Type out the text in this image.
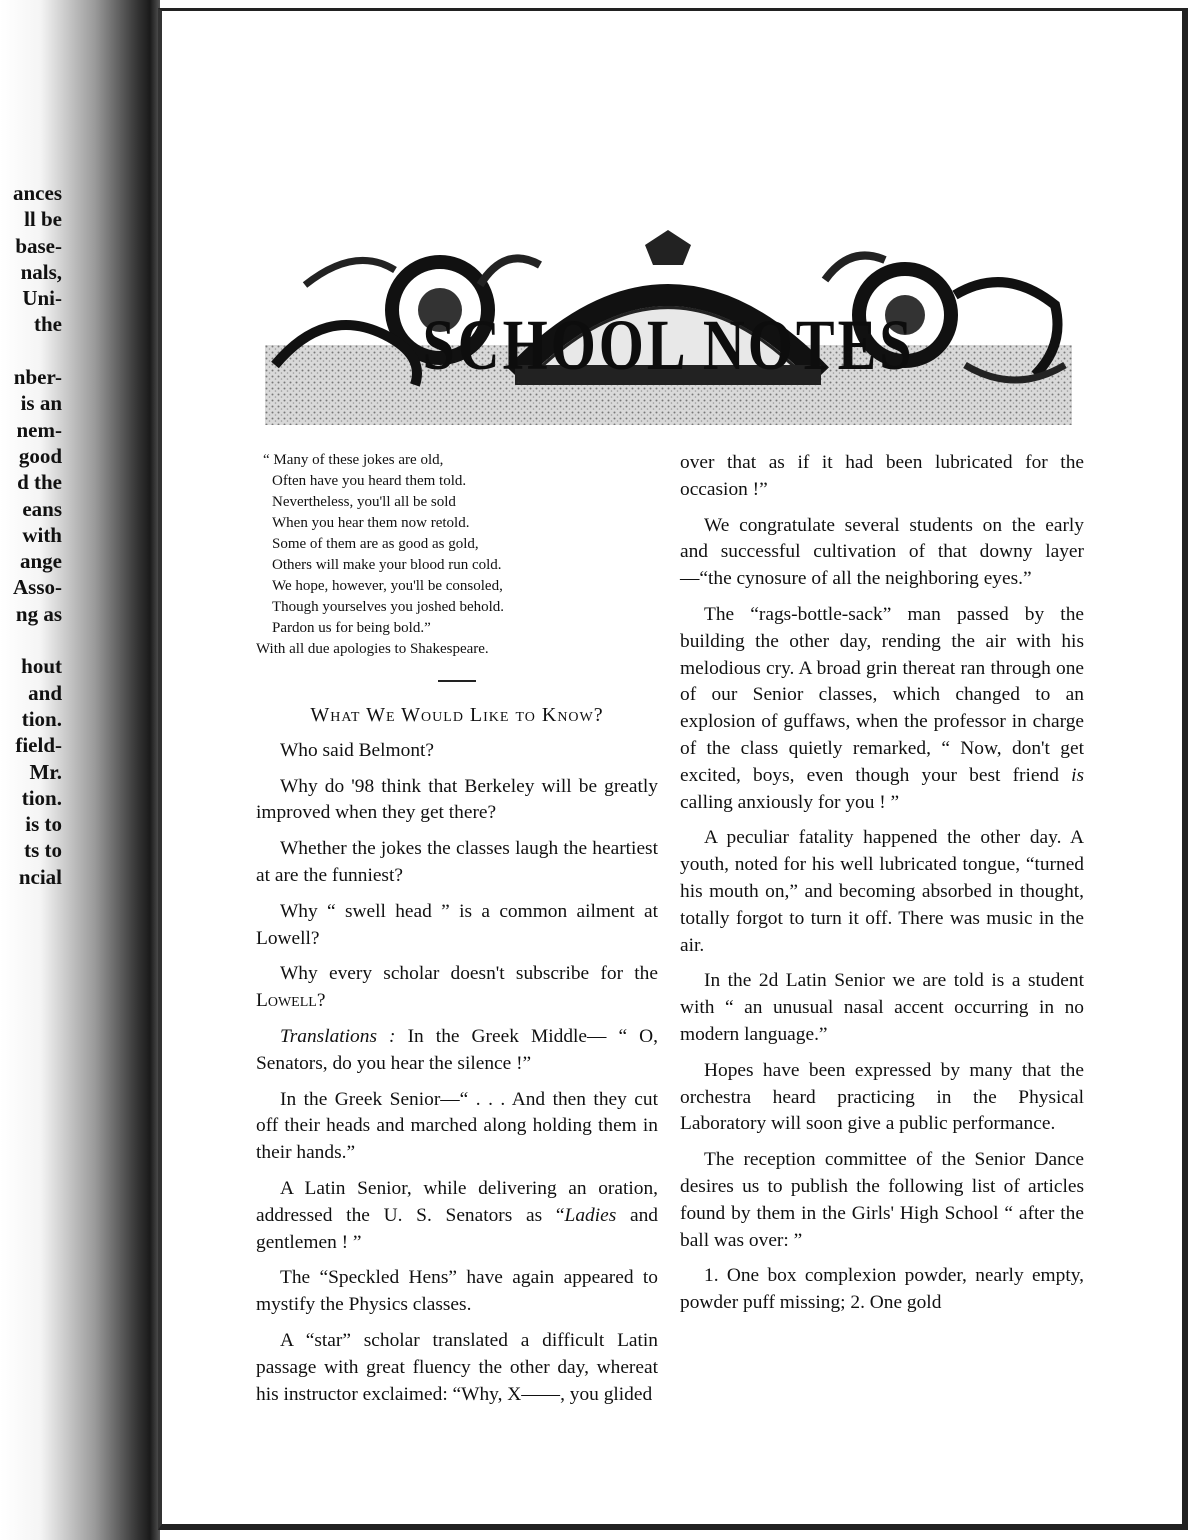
ances
ll be
base-
nals,
Uni-
the

nber-
is an
nem-
good
d the
eans
with
ange
Asso-
ng as

hout
and
tion.
field-
Mr.
tion.
is to
ts to
ncial
SCHOOL NOTES
“ Many of these jokes are old,
Often have you heard them told.
Nevertheless, you'll all be sold
When you hear them now retold.
Some of them are as good as gold,
Others will make your blood run cold.
We hope, however, you'll be consoled,
Though yourselves you joshed behold.
Pardon us for being bold.”

With all due apologies to Shakespeare.

What We Would Like to Know?

Who said Belmont?

Why do '98 think that Berkeley will be greatly improved when they get there?

Whether the jokes the classes laugh the heartiest at are the funniest?

Why “ swell head ” is a common ailment at Lowell?

Why every scholar doesn't subscribe for the Lowell?

Translations : In the Greek Middle— “ O, Senators, do you hear the silence !”

In the Greek Senior—“ . . . And then they cut off their heads and marched along holding them in their hands.”

A Latin Senior, while delivering an oration, addressed the U. S. Senators as “Ladies and gentlemen ! ”

The “Speckled Hens” have again appeared to mystify the Physics classes.

A “star” scholar translated a difficult Latin passage with great fluency the other day, whereat his instructor exclaimed: “Why, X——, you glided

over that as if it had been lubricated for the occasion !”

We congratulate several students on the early and successful cultivation of that downy layer—“the cynosure of all the neighboring eyes.”

The “rags-bottle-sack” man passed by the building the other day, rending the air with his melodious cry. A broad grin thereat ran through one of our Senior classes, which changed to an explosion of guffaws, when the professor in charge of the class quietly remarked, “ Now, don't get excited, boys, even though your best friend is calling anxiously for you ! ”

A peculiar fatality happened the other day. A youth, noted for his well lubricated tongue, “turned his mouth on,” and becoming absorbed in thought, totally forgot to turn it off. There was music in the air.

In the 2d Latin Senior we are told is a student with “ an unusual nasal accent occurring in no modern language.”

Hopes have been expressed by many that the orchestra heard practicing in the Physical Laboratory will soon give a public performance.

The reception committee of the Senior Dance desires us to publish the following list of articles found by them in the Girls' High School “ after the ball was over: ”

1. One box complexion powder, nearly empty, powder puff missing; 2. One gold
